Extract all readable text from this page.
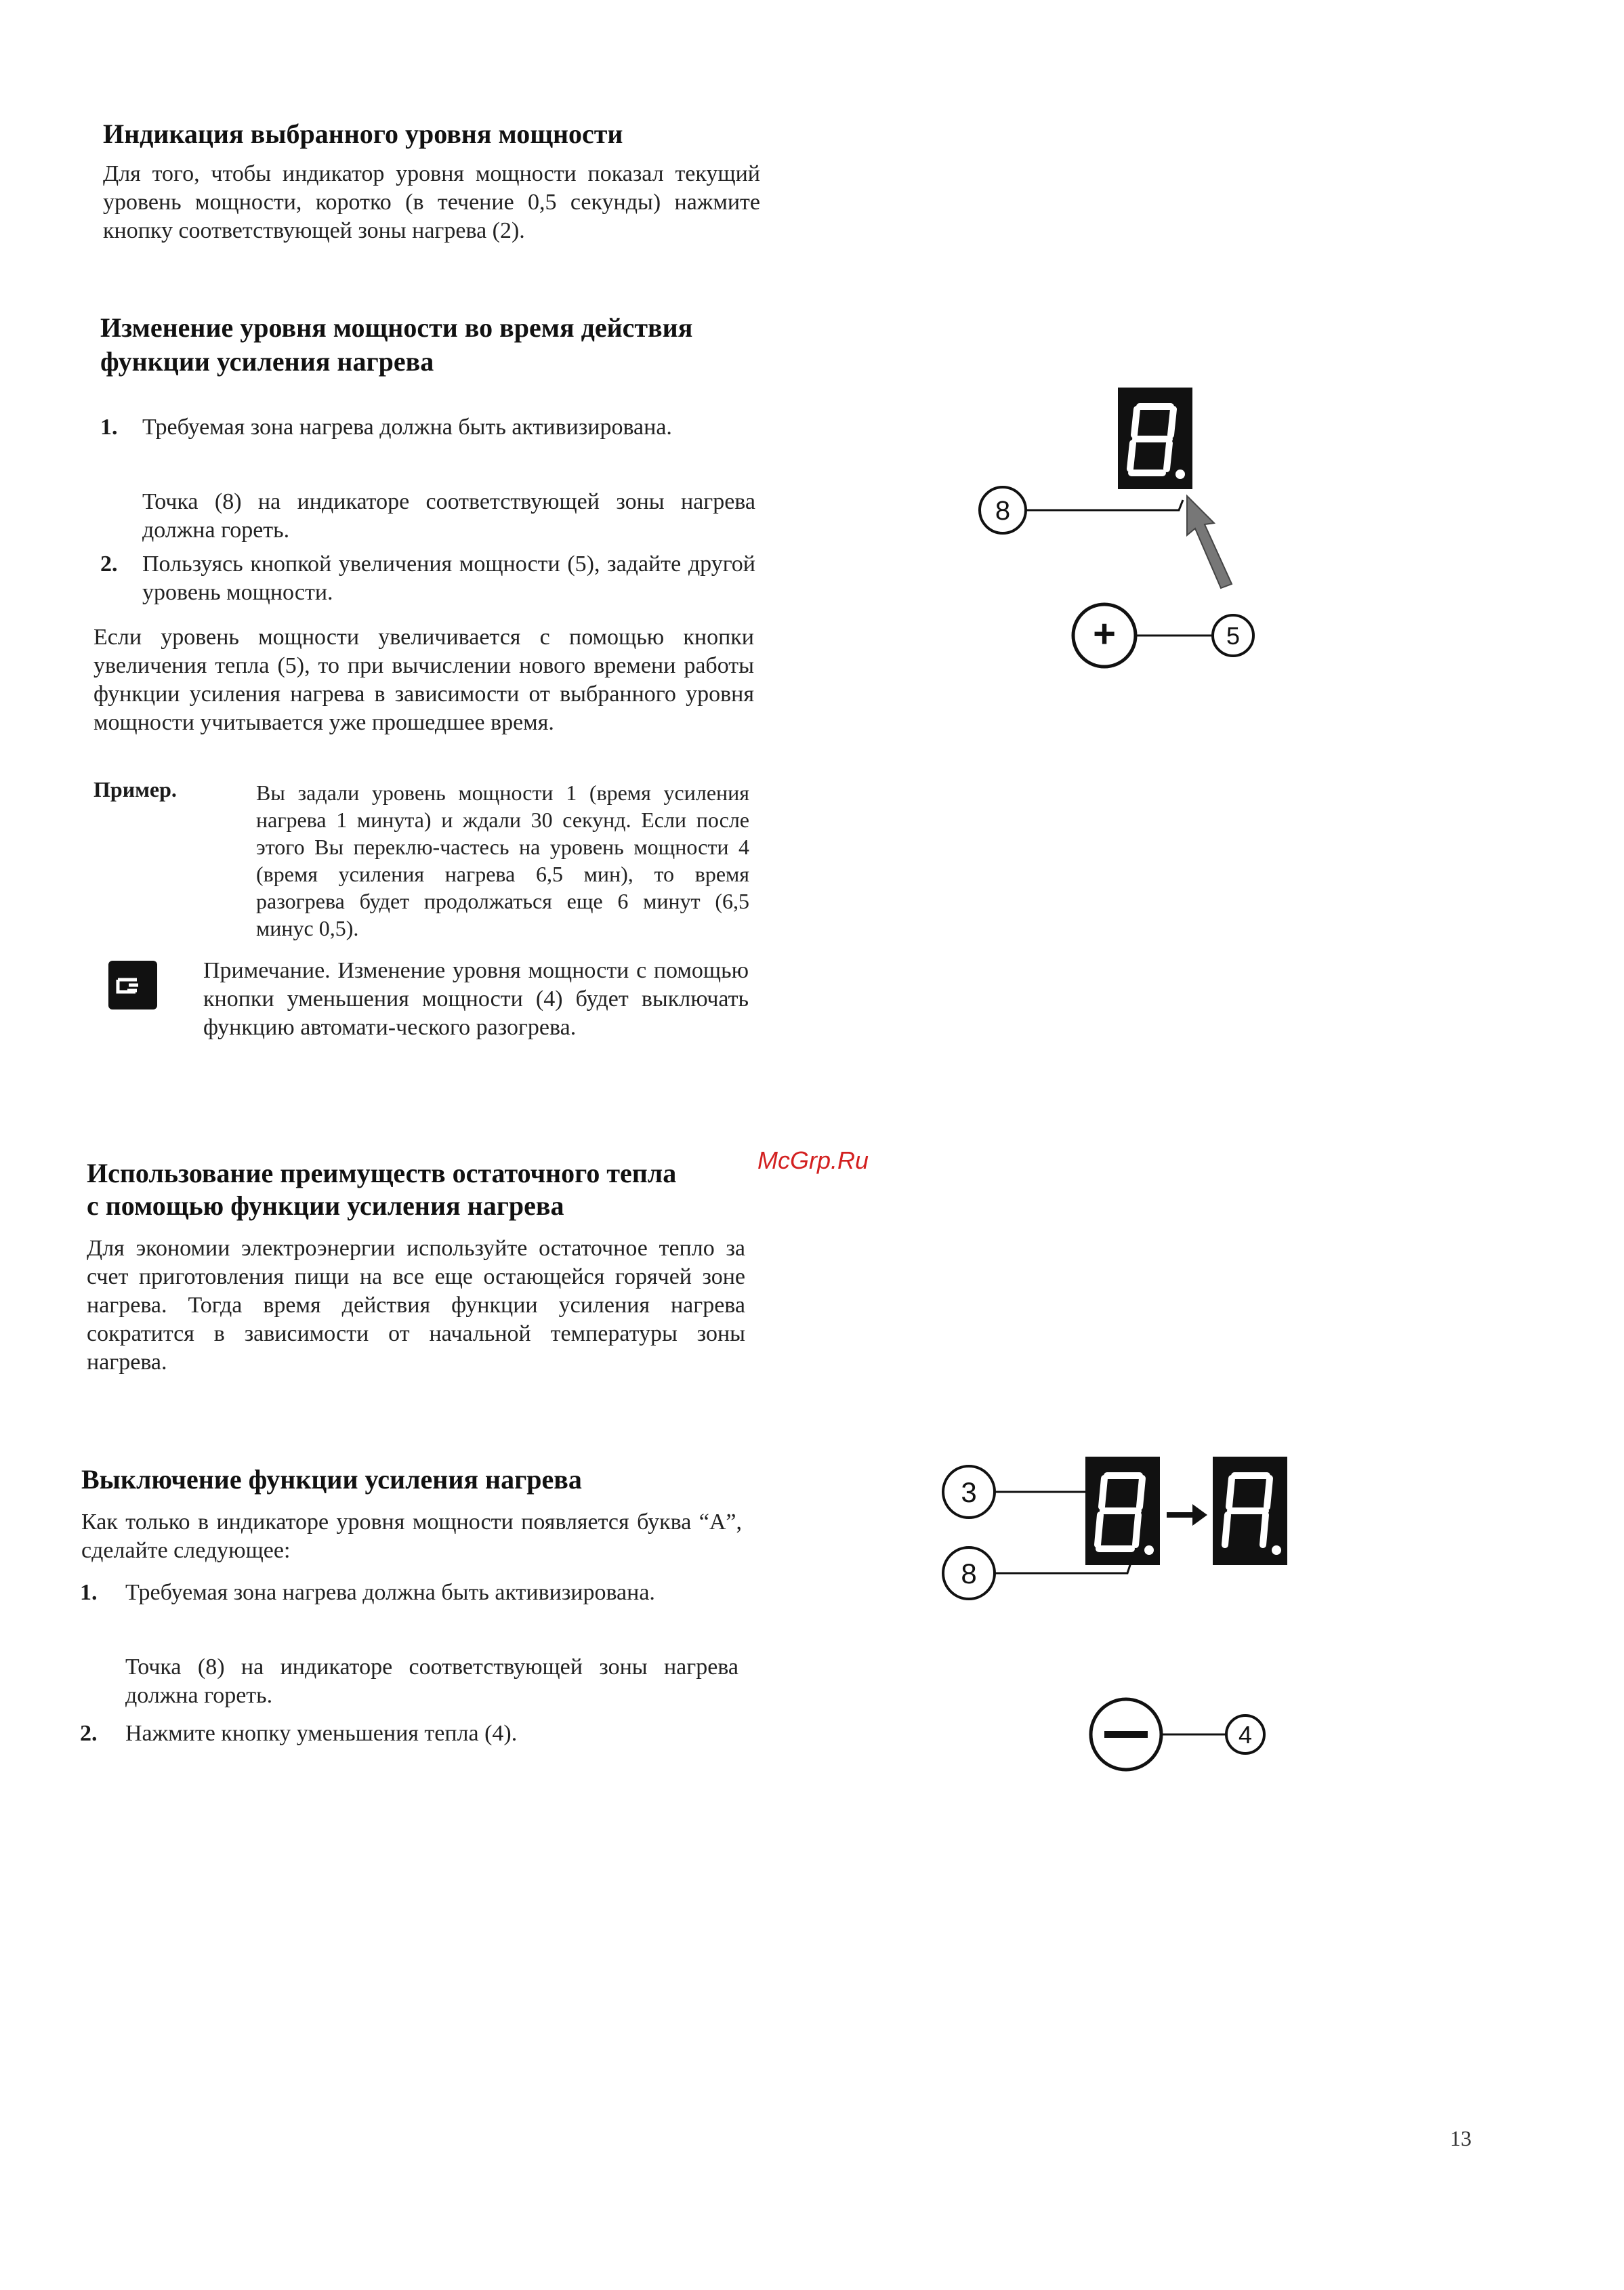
Индикация выбранного уровня мощности

Для того, чтобы индикатор уровня мощности показал текущий уровень мощности, коротко (в течение 0,5 секунды) нажмите кнопку соответствующей зоны нагрева (2).

Изменение уровня мощности во время действия
функции усиления нагрева
1. Требуемая зона нагрева должна быть активизирована.

Точка (8) на индикаторе соответствующей зоны нагрева должна гореть.

2. Пользуясь кнопкой увеличения мощности (5), задайте другой уровень мощности.

Если уровень мощности увеличивается с помощью кнопки увеличения тепла (5), то при вычислении нового времени работы функции усиления нагрева в зависимости от выбранного уровня мощности учитывается уже прошедшее время.

Пример.	Вы задали уровень мощности 1 (время усиления нагрева 1 минута) и ждали 30 секунд. Если после этого Вы переклю-частесь на уровень мощности 4 (время усиления нагрева 6,5 мин), то время разогрева будет продолжаться еще 6 минут (6,5 минус 0,5).

Примечание. Изменение уровня мощности с помощью кнопки уменьшения мощности (4) будет выключать функцию автомати-ческого разогрева.

8
+	5
McGrp.Ru
Использование преимуществ остаточного тепла
с помощью функции усиления нагрева

Для экономии электроэнергии используйте остаточное тепло за счет приготовления пищи на все еще остающейся горячей зоне нагрева. Тогда время действия функции усиления нагрева сократится в зависимости от начальной температуры зоны нагрева.

Выключение функции усиления нагрева

Как только в индикаторе уровня мощности появляется буква “А”, сделайте следующее:

1. Требуемая зона нагрева должна быть активизирована.

Точка (8) на индикаторе соответствующей зоны нагрева должна гореть.

2. Нажмите кнопку уменьшения тепла (4).

3
8
4
13
